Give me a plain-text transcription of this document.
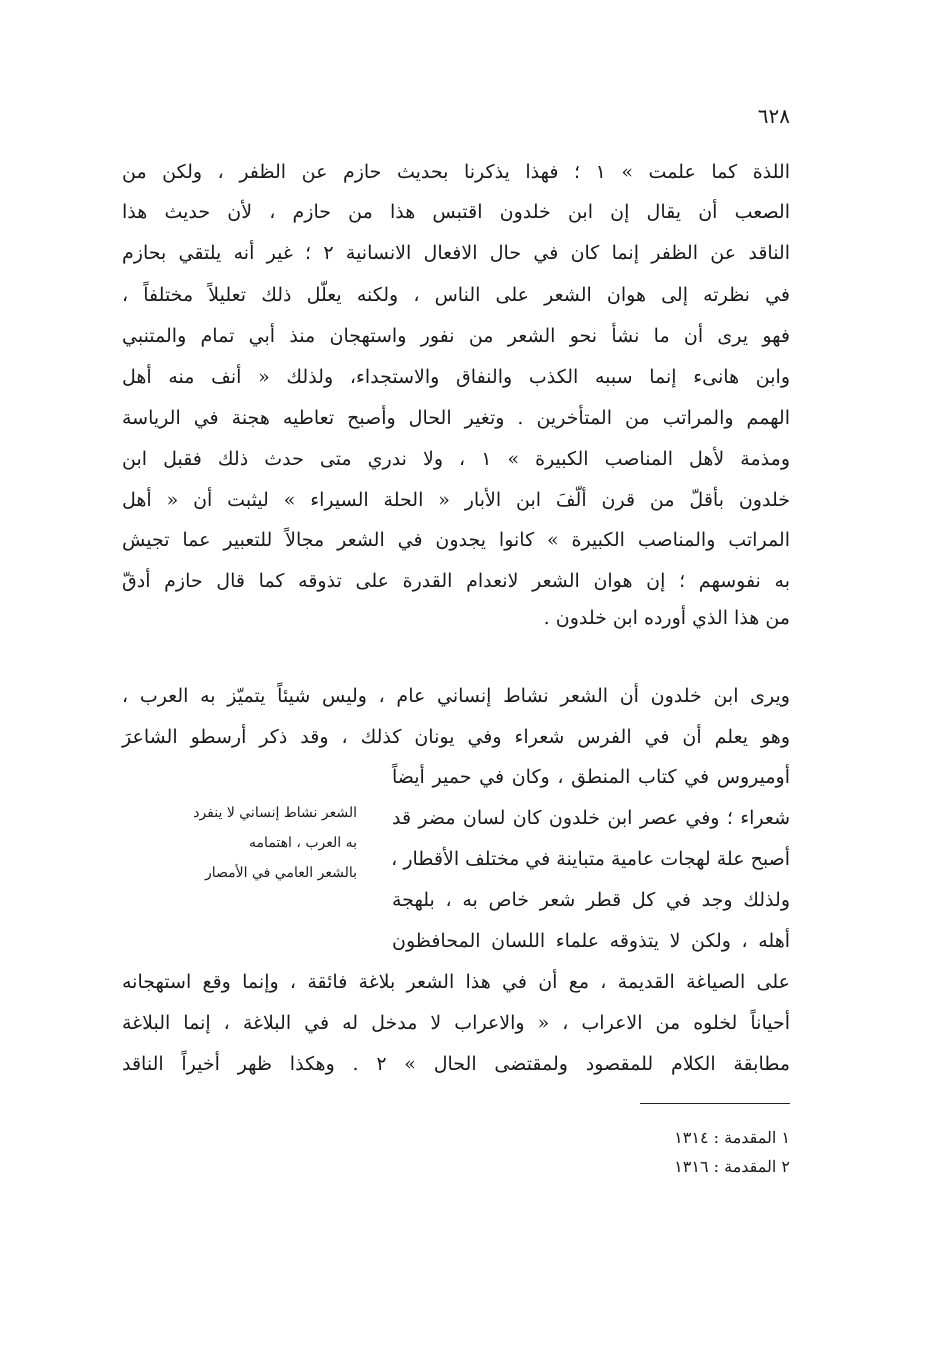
٦٢٨
اللذة كما علمت » ١ ؛ فهذا يذكرنا بحديث حازم عن الظفر ، ولكن من
الصعب أن يقال إن ابن خلدون اقتبس هذا من حازم ، لأن حديث هذا
الناقد عن الظفر إنما كان في حال الافعال الانسانية ٢ ؛ غير أنه يلتقي بحازم
في نظرته إلى هوان الشعر على الناس ، ولكنه يعلّل ذلك تعليلاً مختلفاً ،
فهو يرى أن ما نشأ نحو الشعر من نفور واستهجان منذ أبي تمام والمتنبي
وابن هانىء إنما سببه الكذب والنفاق والاستجداء، ولذلك « أنف منه أهل
الهمم والمراتب من المتأخرين . وتغير الحال وأصبح تعاطيه هجنة في الرياسة
ومذمة لأهل المناصب الكبيرة » ١ ، ولا ندري متى حدث ذلك فقبل ابن
خلدون بأقلّ من قرن ألّفَ ابن الأبار « الحلة السيراء » ليثبت أن « أهل
المراتب والمناصب الكبيرة » كانوا يجدون في الشعر مجالاً للتعبير عما تجيش
به نفوسهم ؛ إن هوان الشعر لانعدام القدرة على تذوقه كما قال حازم أدقّ
من هذا الذي أورده ابن خلدون .
ويرى ابن خلدون أن الشعر نشاط إنساني عام ، وليس شيئاً يتميّز به العرب ،
وهو يعلم أن في الفرس شعراء وفي يونان كذلك ، وقد ذكر أرسطو الشاعرَ
أوميروس في كتاب المنطق ، وكان في حمير أيضاً
شعراء ؛ وفي عصر ابن خلدون كان لسان مضر قد
أصبح علة لهجات عامية متباينة في مختلف الأقطار ،
ولذلك وجد في كل قطر شعر خاص به ، بلهجة
أهله ، ولكن لا يتذوقه علماء اللسان المحافظون
الشعر نشاط إنساني لا ينفرد
به العرب ، اهتمامه
بالشعر العامي في الأمصار
على الصياغة القديمة ، مع أن في هذا الشعر بلاغة فائقة ، وإنما وقع استهجانه
أحياناً لخلوه من الاعراب ، « والاعراب لا مدخل له في البلاغة ، إنما البلاغة
مطابقة الكلام للمقصود ولمقتضى الحال » ٢ . وهكذا ظهر أخيراً الناقد
١ المقدمة : ١٣١٤
٢ المقدمة : ١٣١٦
